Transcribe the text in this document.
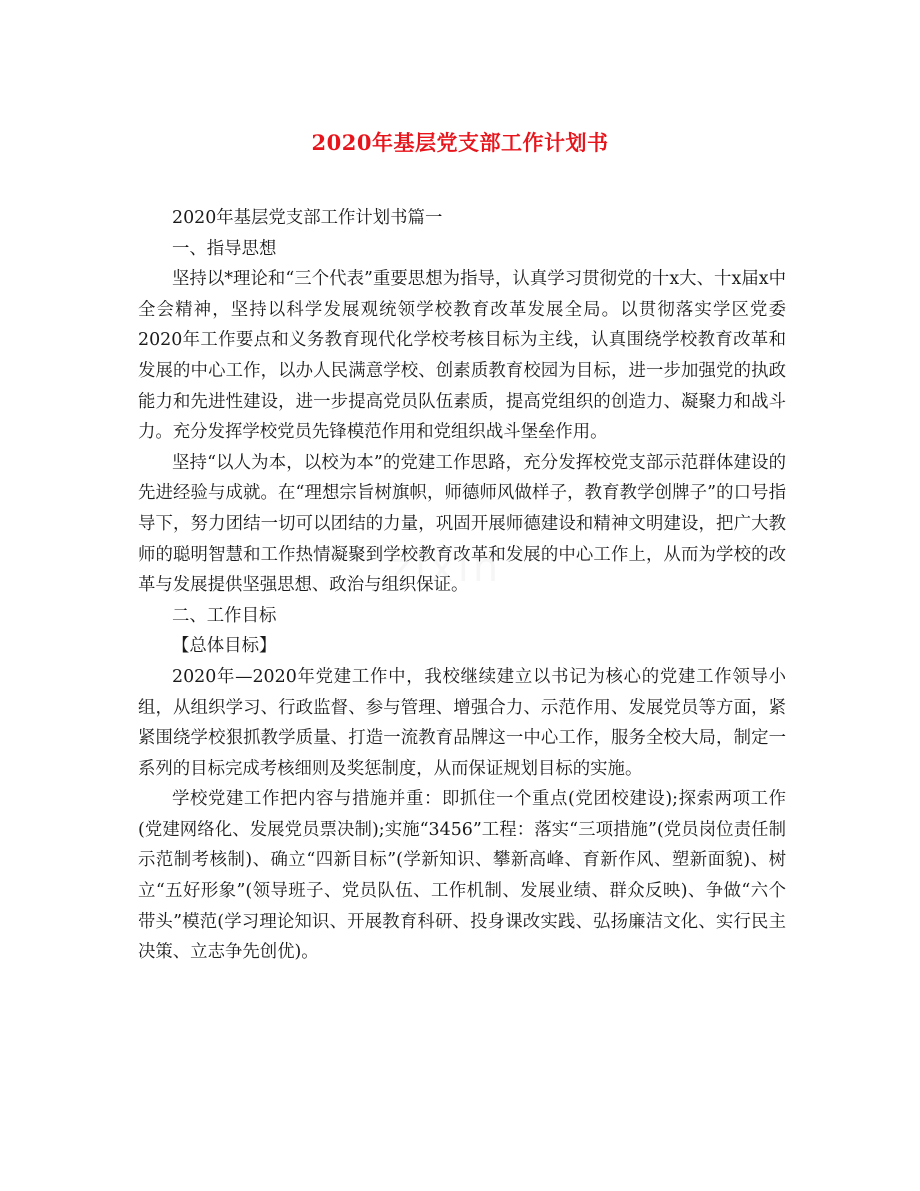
2020年基层党支部工作计划书

2020年基层党支部工作计划书篇一

一、指导思想

坚持以*理论和“三个代表”重要思想为指导，认真学习贯彻党的十x大、十x届x中全会精神，坚持以科学发展观统领学校教育改革发展全局。以贯彻落实学区党委2020年工作要点和义务教育现代化学校考核目标为主线，认真围绕学校教育改革和发展的中心工作，以办人民满意学校、创素质教育校园为目标，进一步加强党的执政能力和先进性建设，进一步提高党员队伍素质，提高党组织的创造力、凝聚力和战斗力。充分发挥学校党员先锋模范作用和党组织战斗堡垒作用。

坚持“以人为本，以校为本”的党建工作思路，充分发挥校党支部示范群体建设的先进经验与成就。在“理想宗旨树旗帜，师德师风做样子，教育教学创牌子”的口号指导下，努力团结一切可以团结的力量，巩固开展师德建设和精神文明建设，把广大教师的聪明智慧和工作热情凝聚到学校教育改革和发展的中心工作上，从而为学校的改革与发展提供坚强思想、政治与组织保证。

二、工作目标

【总体目标】

2020年—2020年党建工作中，我校继续建立以书记为核心的党建工作领导小组，从组织学习、行政监督、参与管理、增强合力、示范作用、发展党员等方面，紧紧围绕学校狠抓教学质量、打造一流教育品牌这一中心工作，服务全校大局，制定一系列的目标完成考核细则及奖惩制度，从而保证规划目标的实施。

学校党建工作把内容与措施并重：即抓住一个重点(党团校建设);探索两项工作(党建网络化、发展党员票决制);实施“3456”工程：落实“三项措施”(党员岗位责任制示范制考核制)、确立“四新目标”(学新知识、攀新高峰、育新作风、塑新面貌)、树立“五好形象”(领导班子、党员队伍、工作机制、发展业绩、群众反映)、争做“六个带头”模范(学习理论知识、开展教育科研、投身课改实践、弘扬廉洁文化、实行民主决策、立志争先创优)。
